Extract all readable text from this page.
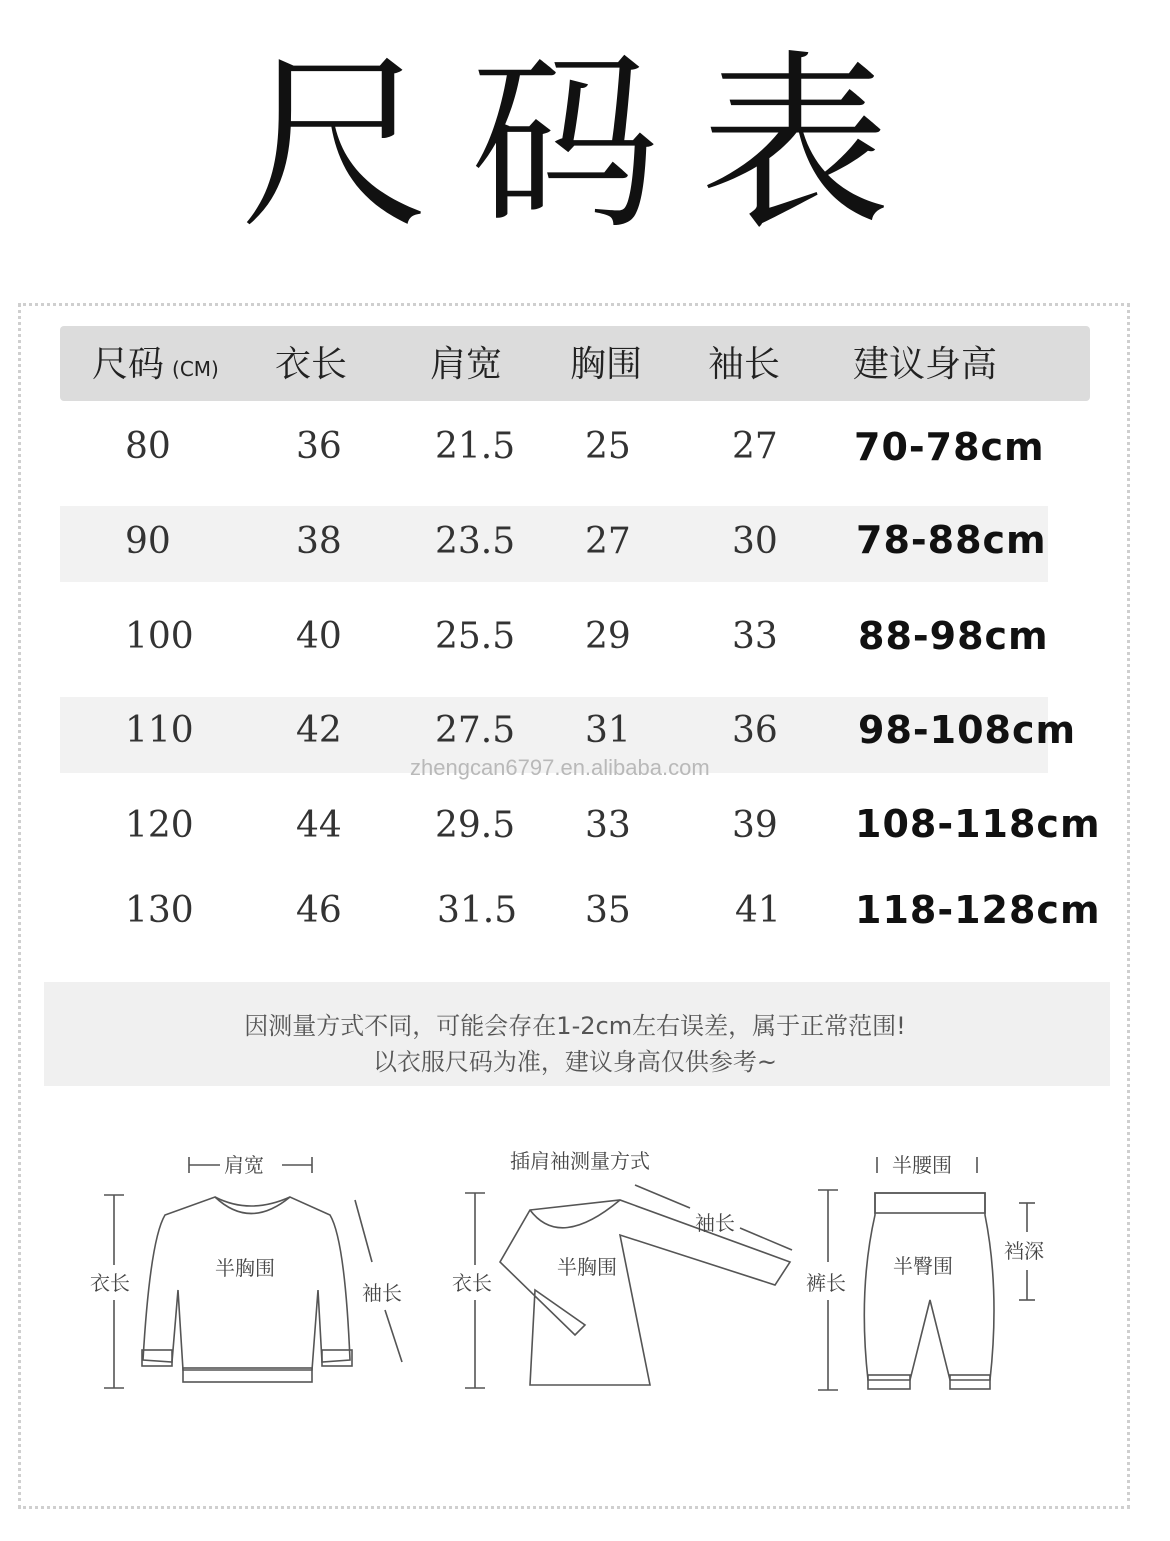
尺码表
尺码 (CM) 衣长 肩宽 胸围 袖长 建议身高
80	36	21.5 25	27 70-78cm
90	38	23.5 27	30 78-88cm
100	40	25.5 29	33 88-98cm
110	42	27.5 31	36 98-108cm
zhengcan6797.en.alibaba.com
120	44	29.5 33	39 108-118cm
130	46	31.5 35	41 118-128cm
因测量方式不同，可能会存在1-2cm左右误差，属于正常范围!
以衣服尺码为准，建议身高仅供参考~
肩宽
衣长
半胸围
袖长
插肩袖测量方式
衣长
半胸围
袖长
半腰围
裤长
半臀围
裆深
